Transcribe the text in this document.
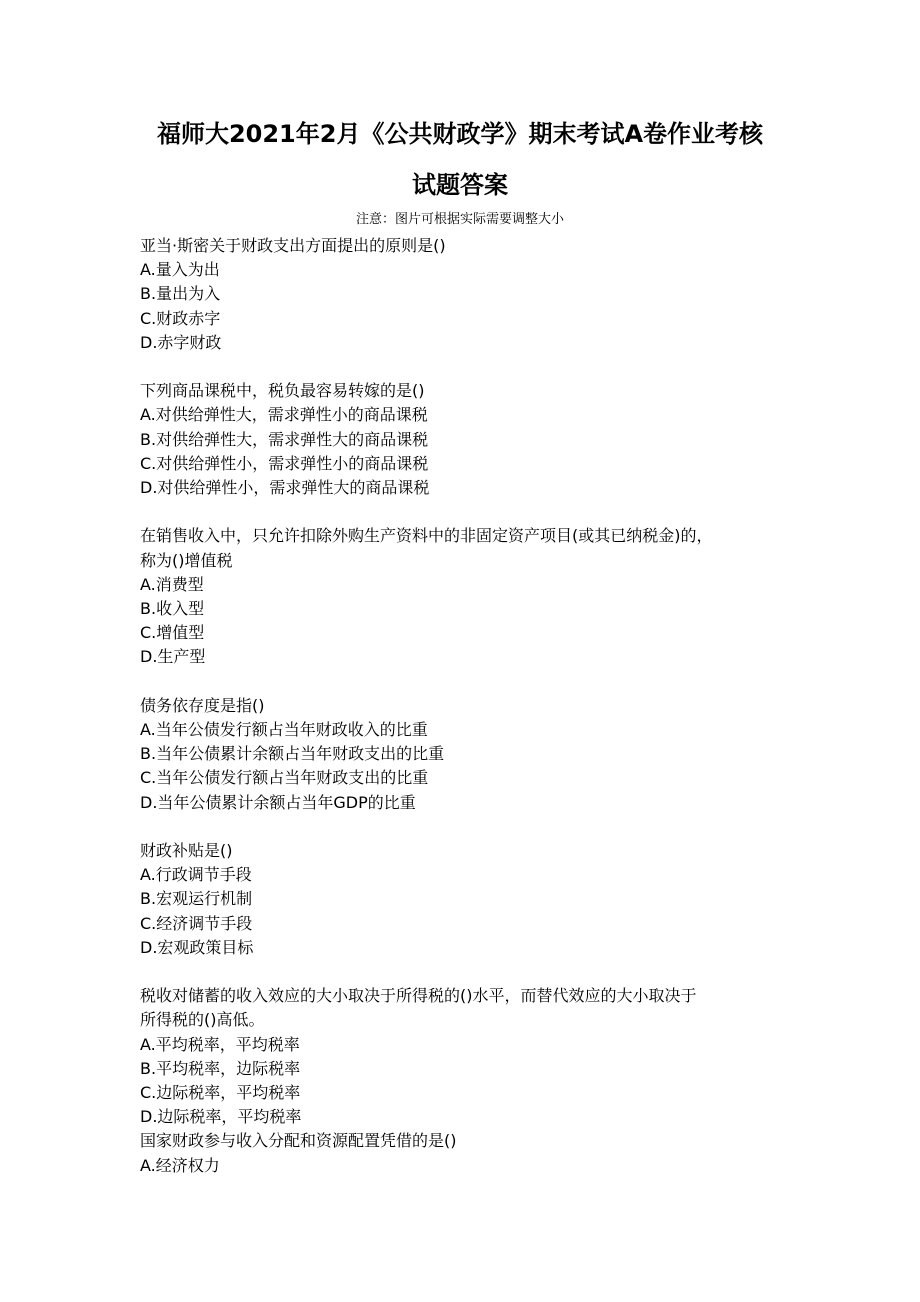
福师大2021年2月《公共财政学》期末考试A卷作业考核
试题答案

注意：图片可根据实际需要调整大小

亚当·斯密关于财政支出方面提出的原则是()

A.量入为出

B.量出为入

C.财政赤字

D.赤字财政

下列商品课税中，税负最容易转嫁的是()

A.对供给弹性大，需求弹性小的商品课税

B.对供给弹性大，需求弹性大的商品课税

C.对供给弹性小，需求弹性小的商品课税

D.对供给弹性小，需求弹性大的商品课税

在销售收入中，只允许扣除外购生产资料中的非固定资产项目(或其已纳税金)的，

称为()增值税

A.消费型

B.收入型

C.增值型

D.生产型

债务依存度是指()

A.当年公债发行额占当年财政收入的比重

B.当年公债累计余额占当年财政支出的比重

C.当年公债发行额占当年财政支出的比重

D.当年公债累计余额占当年GDP的比重

财政补贴是()

A.行政调节手段

B.宏观运行机制

C.经济调节手段

D.宏观政策目标

税收对储蓄的收入效应的大小取决于所得税的()水平，而替代效应的大小取决于

所得税的()高低。

A.平均税率，平均税率

B.平均税率，边际税率

C.边际税率，平均税率

D.边际税率，平均税率

国家财政参与收入分配和资源配置凭借的是()

A.经济权力
